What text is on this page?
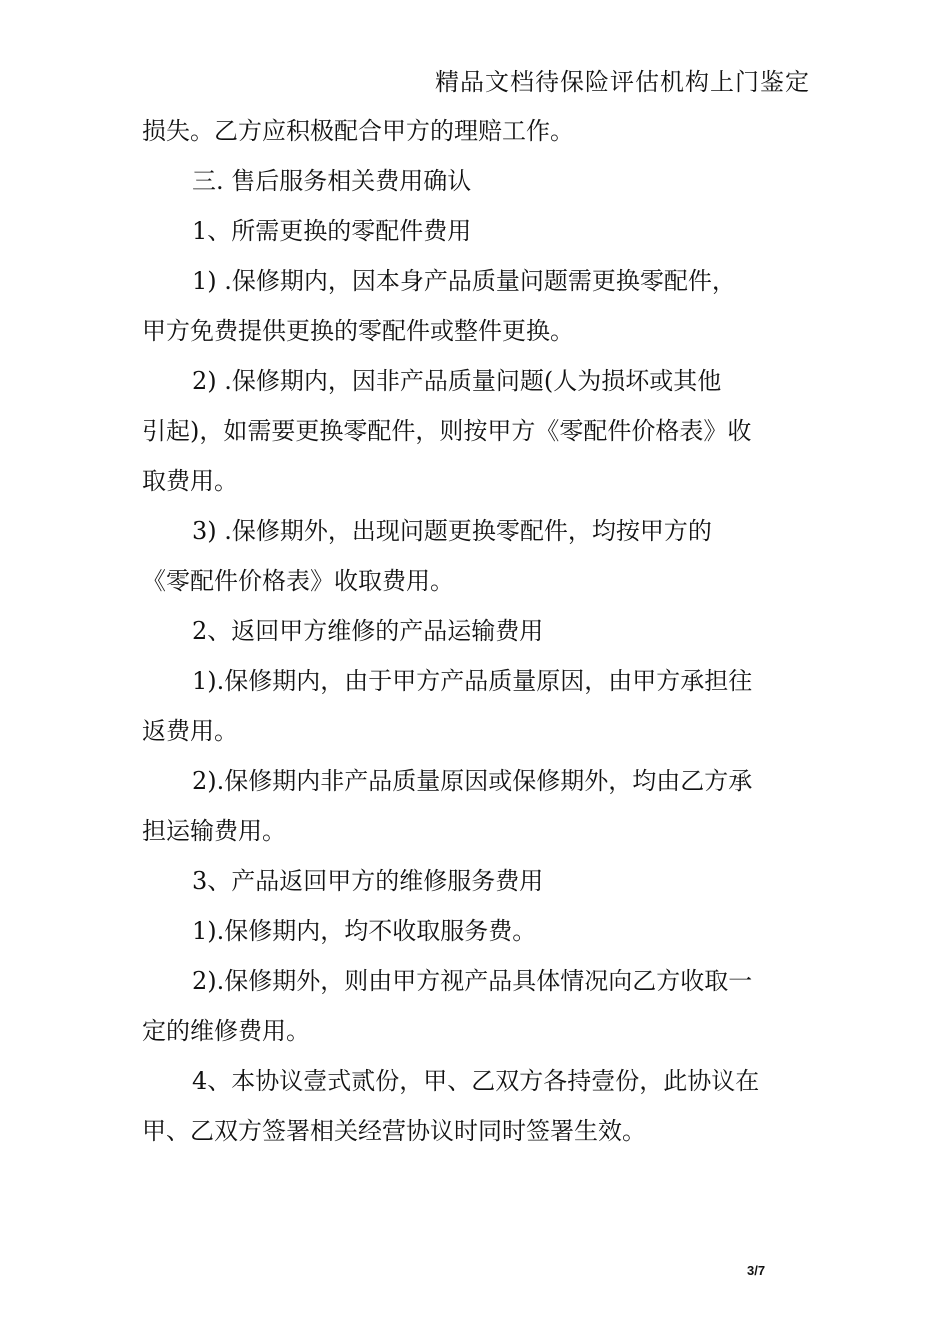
精品文档待保险评估机构上门鉴定
损失。乙方应积极配合甲方的理赔工作。
三. 售后服务相关费用确认
1、所需更换的零配件费用
1) .保修期内，因本身产品质量问题需更换零配件，
甲方免费提供更换的零配件或整件更换。
2) .保修期内，因非产品质量问题(人为损坏或其他
引起)，如需要更换零配件，则按甲方《零配件价格表》收
取费用。
3) .保修期外，出现问题更换零配件，均按甲方的
《零配件价格表》收取费用。
2、返回甲方维修的产品运输费用
1).保修期内，由于甲方产品质量原因，由甲方承担往
返费用。
2).保修期内非产品质量原因或保修期外，均由乙方承
担运输费用。
3、产品返回甲方的维修服务费用
1).保修期内，均不收取服务费。
2).保修期外，则由甲方视产品具体情况向乙方收取一
定的维修费用。
4、本协议壹式贰份，甲、乙双方各持壹份，此协议在
甲、乙双方签署相关经营协议时同时签署生效。
3/7
